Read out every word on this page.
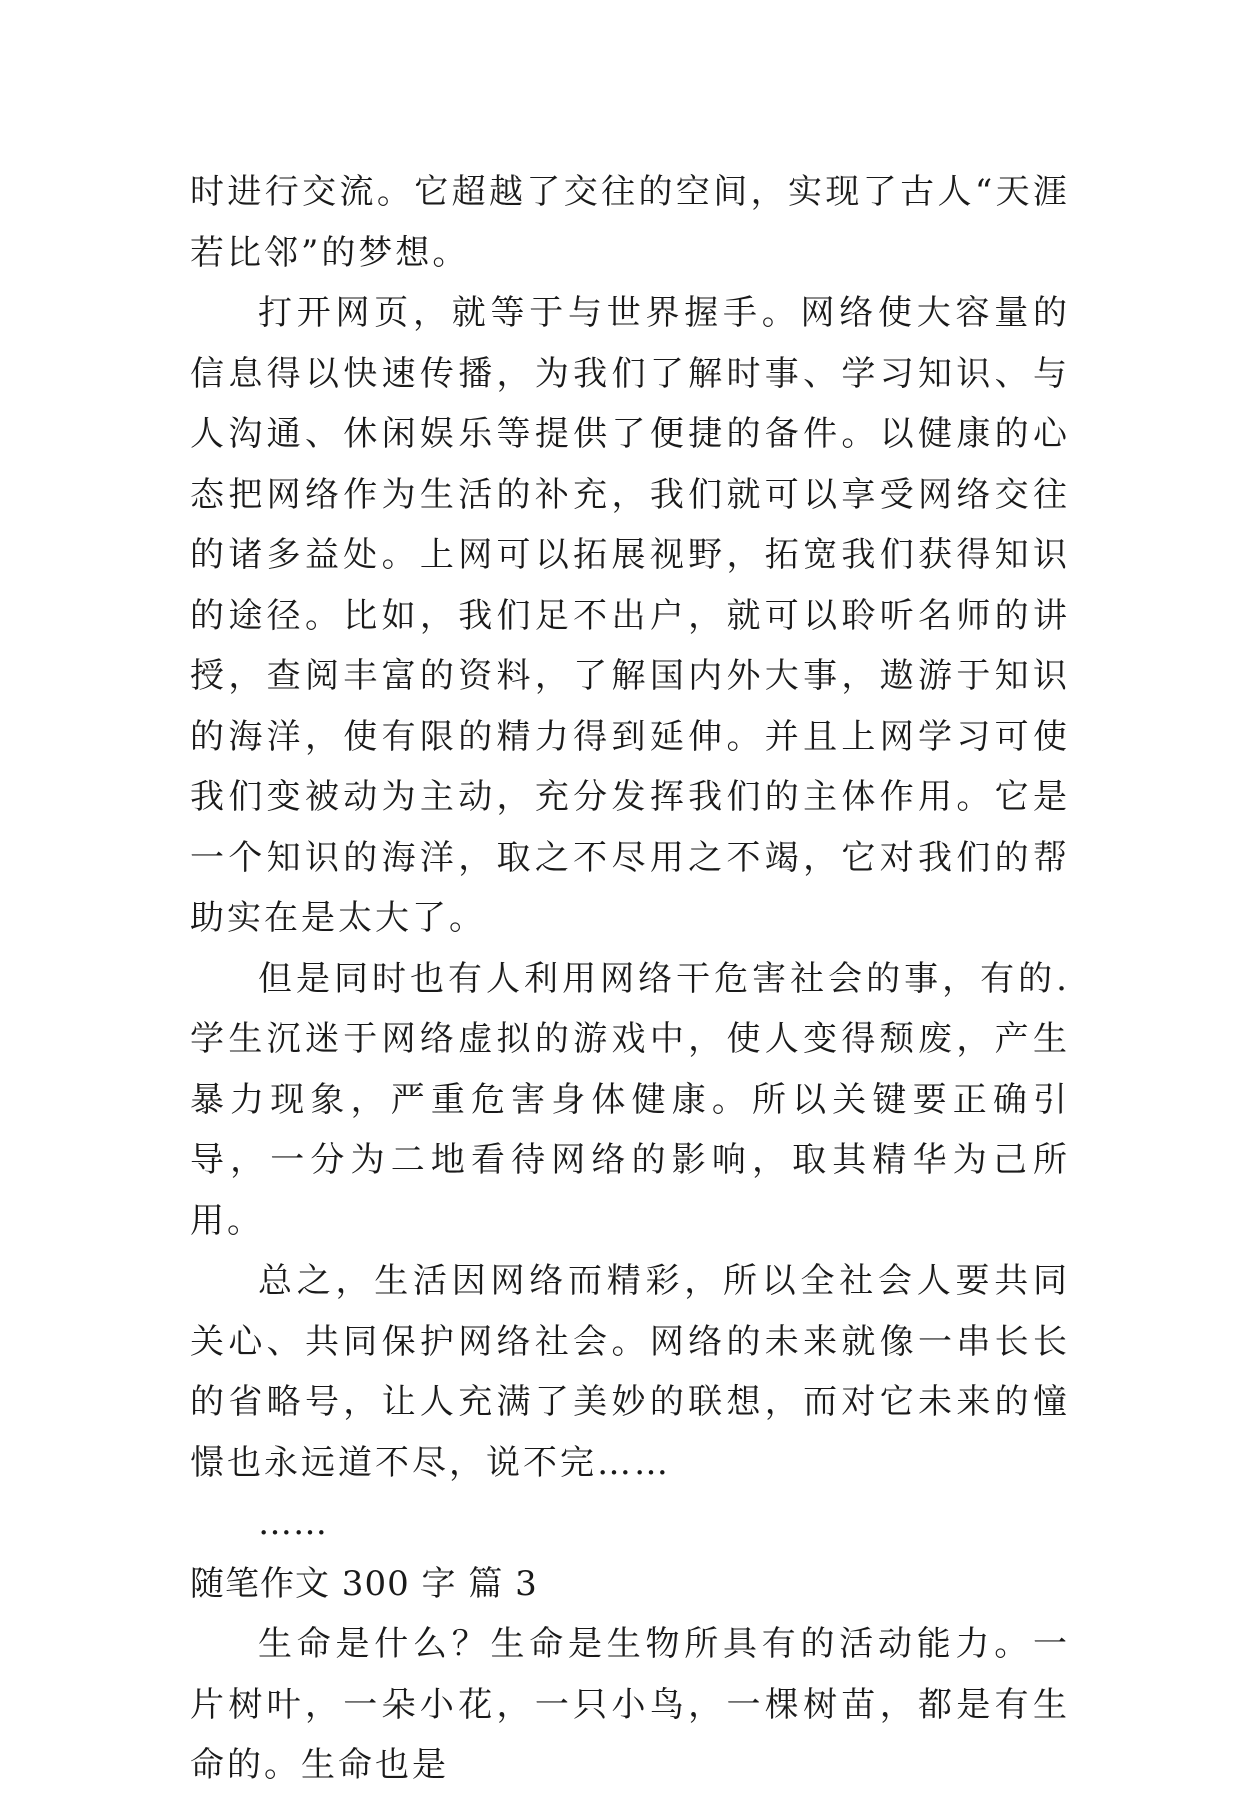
时进行交流。它超越了交往的空间，实现了古人“天涯若比邻”的梦想。

打开网页，就等于与世界握手。网络使大容量的信息得以快速传播，为我们了解时事、学习知识、与人沟通、休闲娱乐等提供了便捷的备件。以健康的心态把网络作为生活的补充，我们就可以享受网络交往的诸多益处。上网可以拓展视野，拓宽我们获得知识的途径。比如，我们足不出户，就可以聆听名师的讲授，查阅丰富的资料，了解国内外大事，遨游于知识的海洋，使有限的精力得到延伸。并且上网学习可使我们变被动为主动，充分发挥我们的主体作用。它是一个知识的海洋，取之不尽用之不竭，它对我们的帮助实在是太大了。

但是同时也有人利用网络干危害社会的事，有的.学生沉迷于网络虚拟的游戏中，使人变得颓废，产生暴力现象，严重危害身体健康。所以关键要正确引导，一分为二地看待网络的影响，取其精华为己所用。

总之，生活因网络而精彩，所以全社会人要共同关心、共同保护网络社会。网络的未来就像一串长长的省略号，让人充满了美妙的联想，而对它未来的憧憬也永远道不尽，说不完……

……

随笔作文 300 字 篇 3

生命是什么？生命是生物所具有的活动能力。一片树叶，一朵小花，一只小鸟，一棵树苗，都是有生命的。生命也是
